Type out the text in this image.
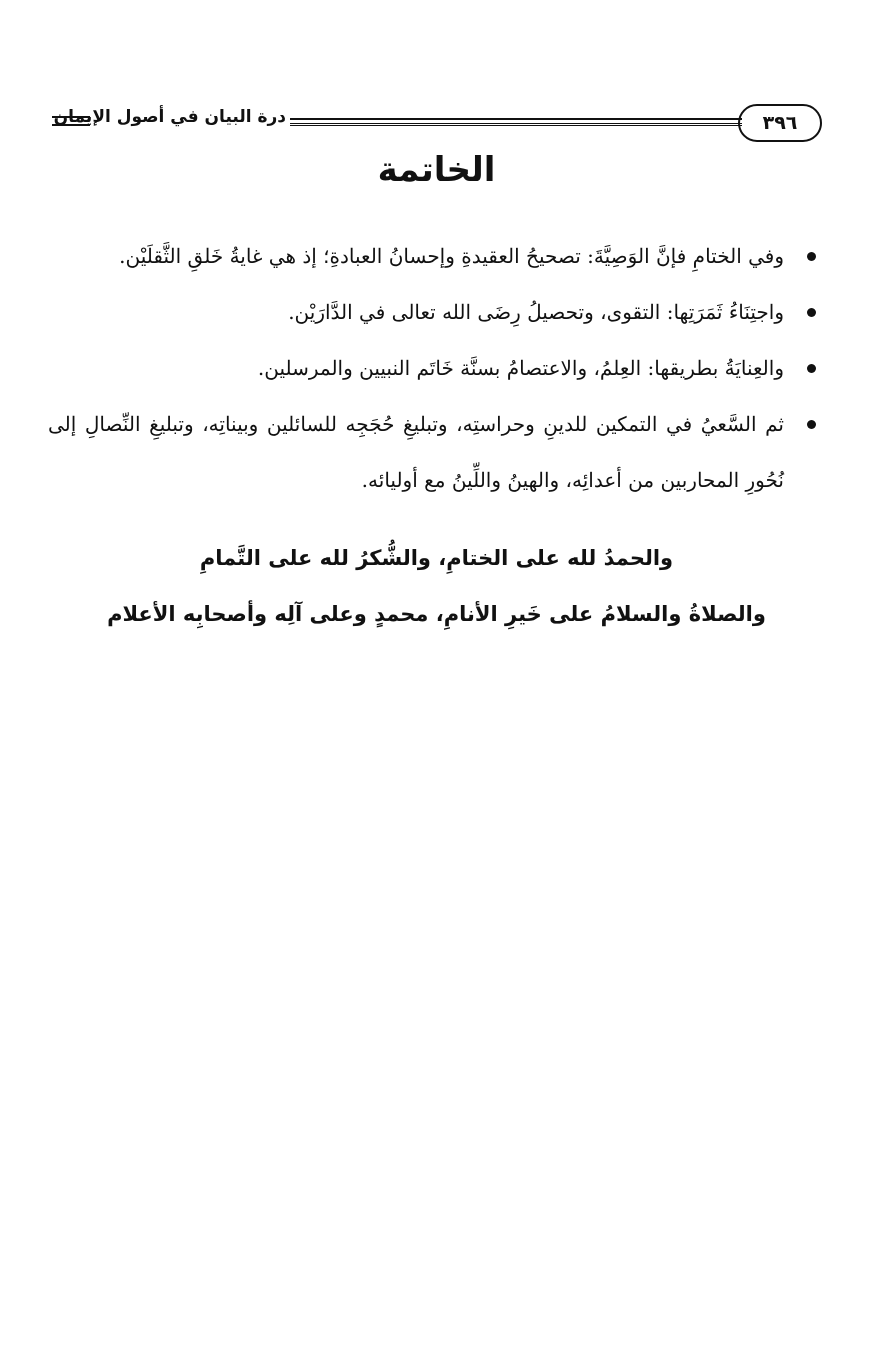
٣٩٦
درة البيان في أصول الإيمان
الخاتمة
وفي الختامِ فإنَّ الوَصِيَّةَ: تصحيحُ العقيدةِ وإحسانُ العبادةِ؛ إذ هي غايةُ خَلقِ الثَّقلَيْن.
واجتِنَاءُ ثَمَرَتِها: التقوى، وتحصيلُ رِضَى الله تعالى في الدَّارَيْن.
والعِنايَةُ بطريقها: العِلمُ، والاعتصامُ بسنَّة خَاتَم النبيين والمرسلين.
ثم السَّعيُ في التمكين للدينِ وحراستِه، وتبليغِ حُجَجِه للسائلين وبيناتِه، وتبليغِ النِّصالِ إلى نُحُورِ المحاربين من أعدائِه، والهينُ واللِّينُ مع أوليائه.

والحمدُ لله على الختامِ، والشُّكرُ لله على التَّمامِ

والصلاةُ والسلامُ على خَيرِ الأنامِ، محمدٍ وعلى آلِه وأصحابِه الأعلام
